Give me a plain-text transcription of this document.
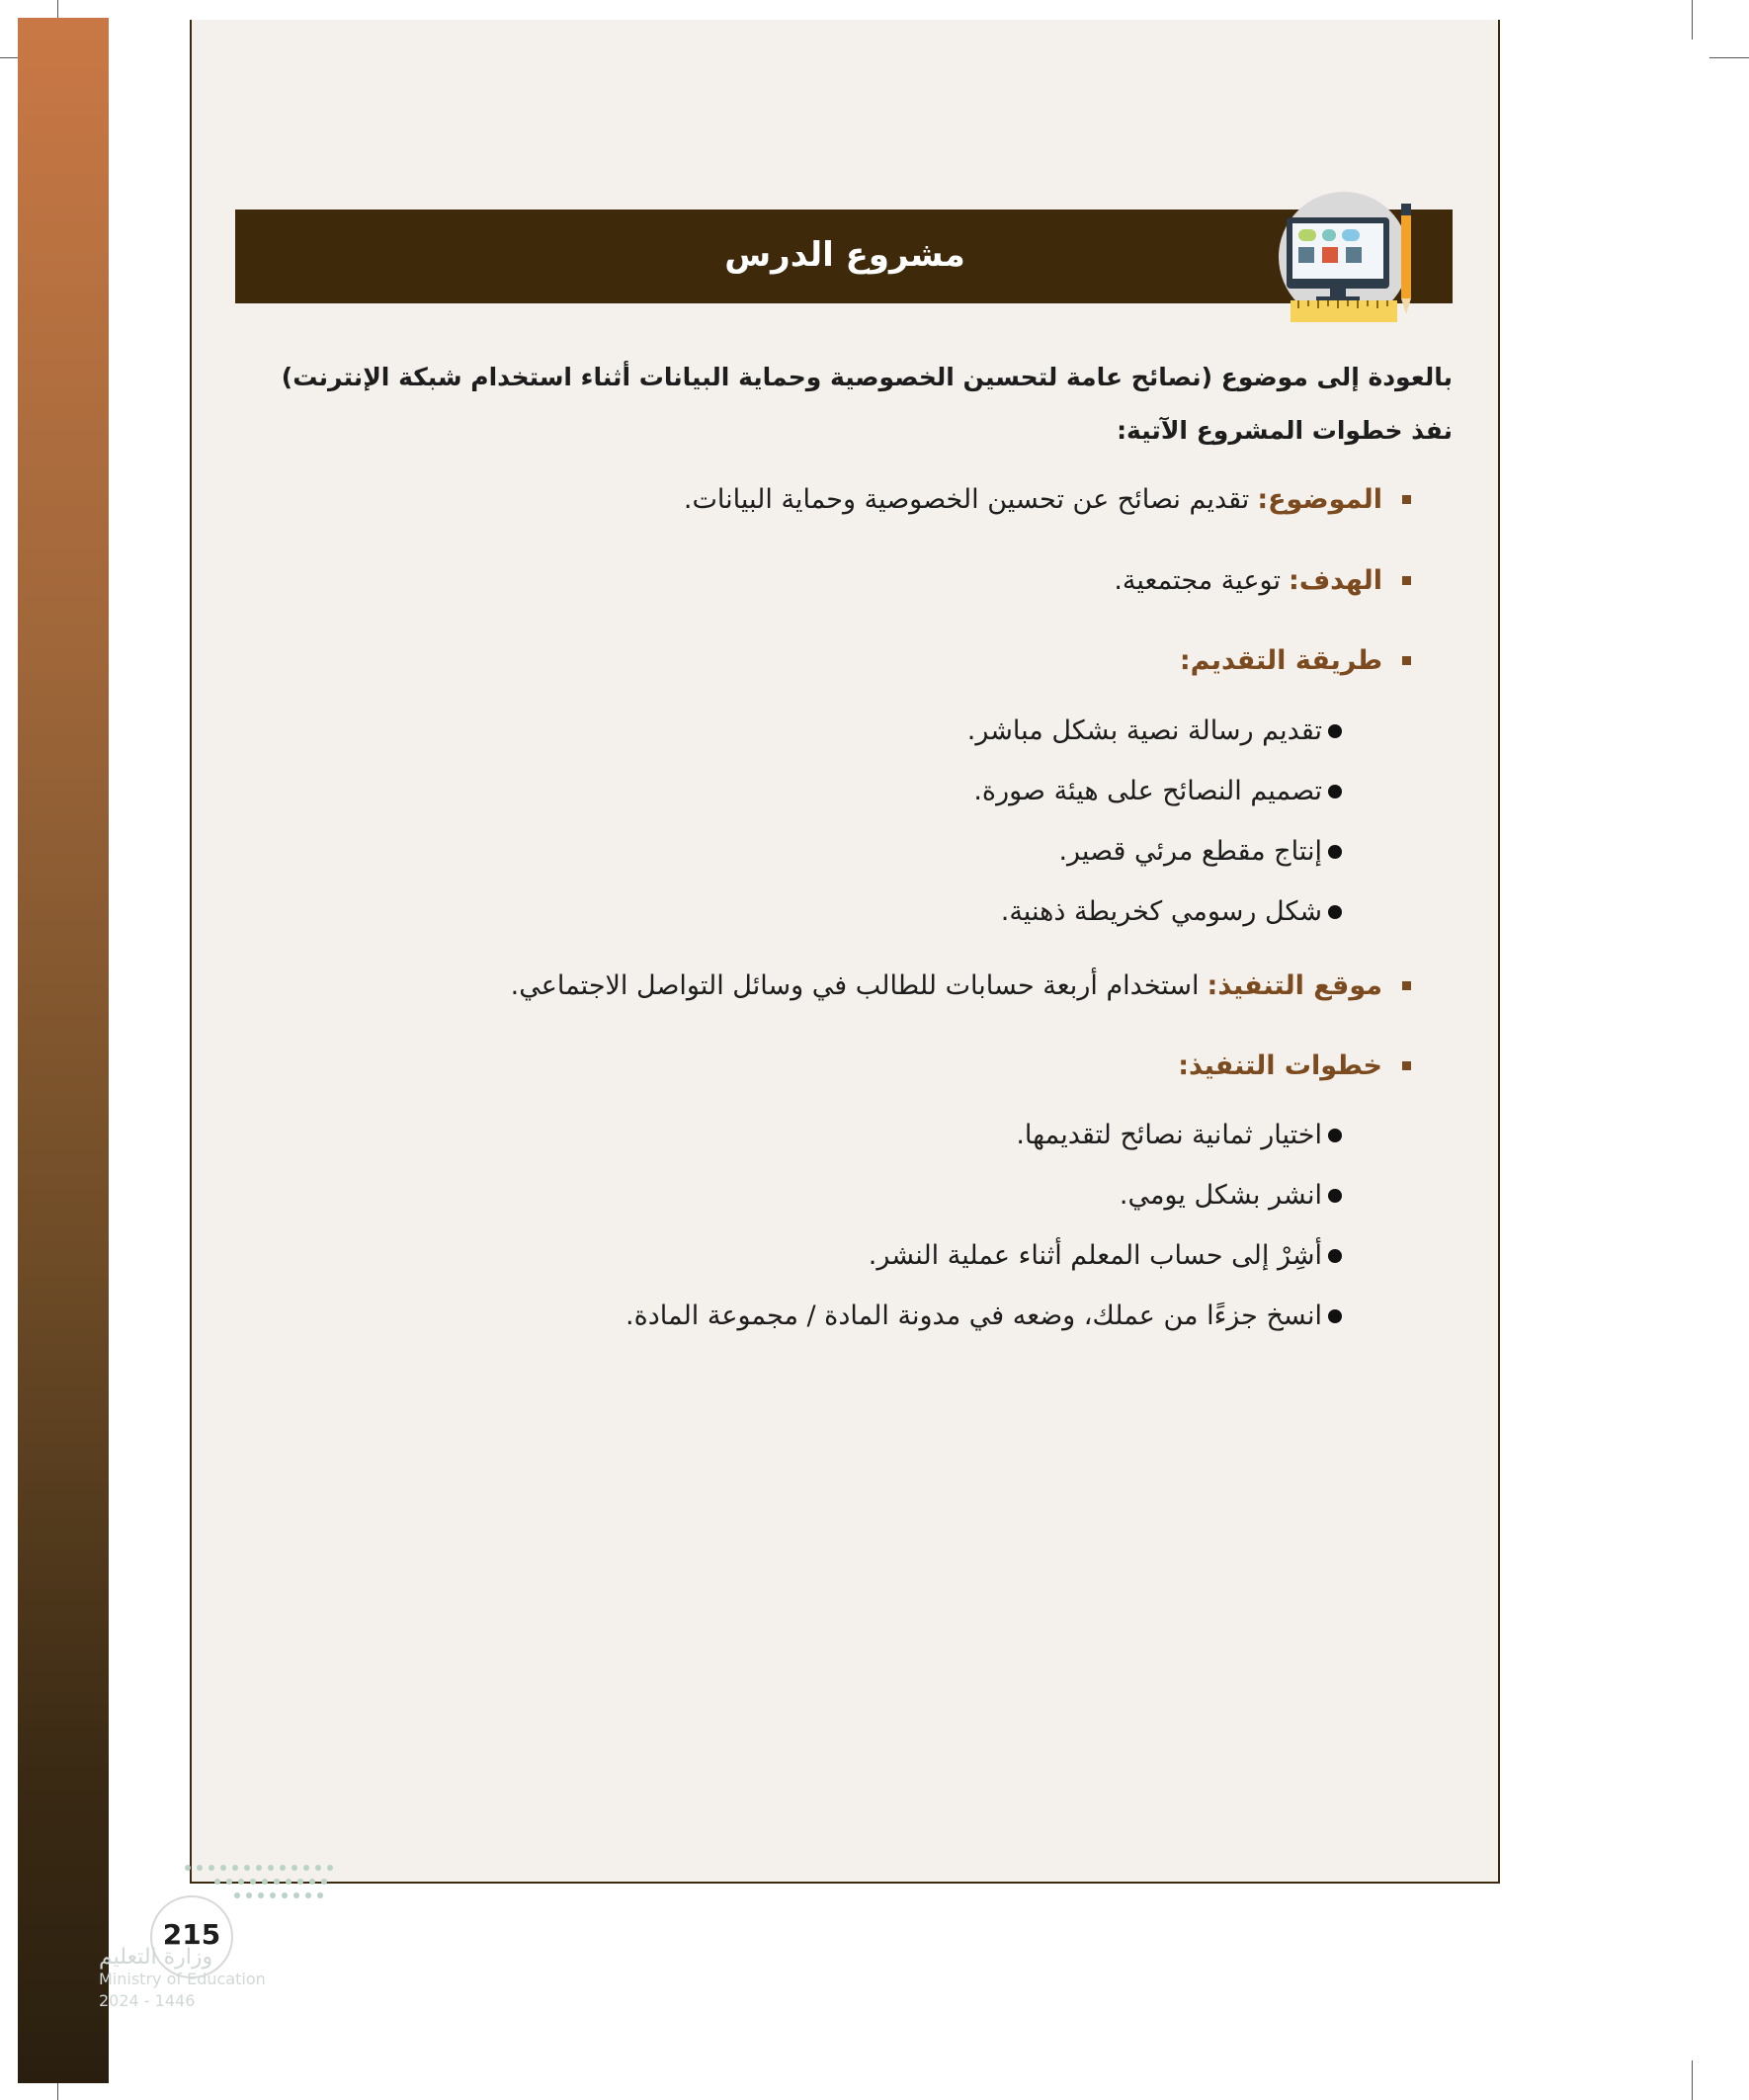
مشروع الدرس
بالعودة إلى موضوع (نصائح عامة لتحسين الخصوصية وحماية البيانات أثناء استخدام شبكة الإنترنت)
نفذ خطوات المشروع الآتية:
الموضوع:
تقديم نصائح عن تحسين الخصوصية وحماية البيانات.
الهدف:
توعية مجتمعية.
طريقة التقديم:
تقديم رسالة نصية بشكل مباشر.
تصميم النصائح على هيئة صورة.
إنتاج مقطع مرئي قصير.
شكل رسومي كخريطة ذهنية.
موقع التنفيذ:
استخدام أربعة حسابات للطالب في وسائل التواصل الاجتماعي.
خطوات التنفيذ:
اختيار ثمانية نصائح لتقديمها.
انشر بشكل يومي.
أشِرْ إلى حساب المعلم أثناء عملية النشر.
انسخ جزءًا من عملك، وضعه في مدونة المادة / مجموعة المادة.
215
وزارة التعليم
Ministry of Education
2024 - 1446
